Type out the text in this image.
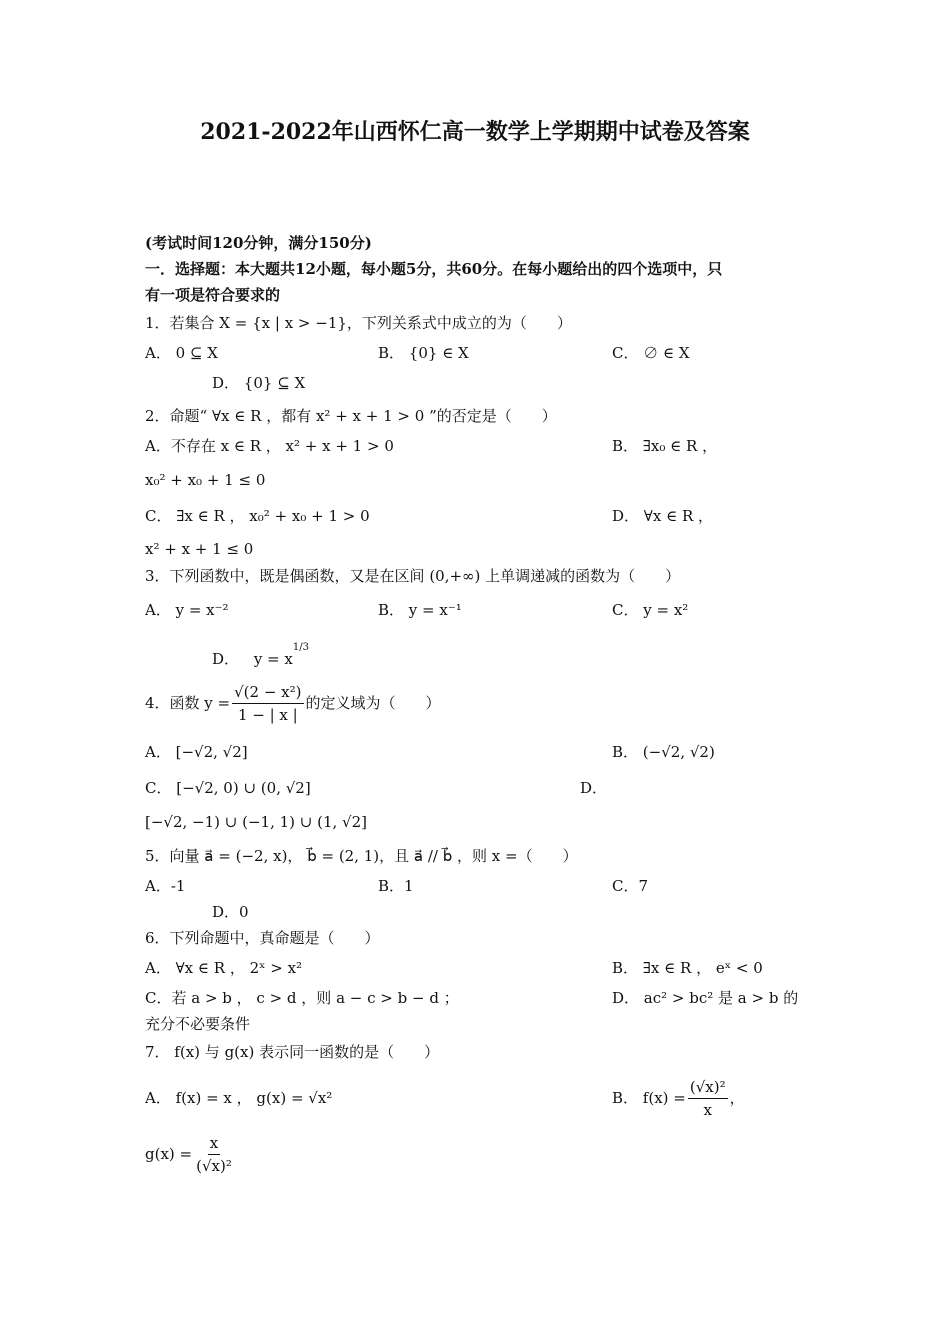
2021-2022年山西怀仁高一数学上学期期中试卷及答案
(考试时间120分钟，满分150分)
一．选择题：本大题共12小题，每小题5分，共60分。在每小题给出的四个选项中，只
有一项是符合要求的
1．若集合 X = {x | x > −1}，下列关系式中成立的为（　　）
A． 0 ⊆ X	B． {0} ∈ X	C． ∅ ∈ X
D． {0} ⊆ X
2．命题“ ∀x ∈ R ，都有 x² + x + 1 > 0 ”的否定是（　　）
A．不存在 x ∈ R ， x² + x + 1 > 0	B． ∃x₀ ∈ R ，
x₀² + x₀ + 1 ≤ 0
C． ∃x ∈ R ， x₀² + x₀ + 1 > 0	D． ∀x ∈ R ，
x² + x + 1 ≤ 0
3．下列函数中，既是偶函数，又是在区间 (0,+∞) 上单调递减的函数为（　　）
A． y = x⁻²	B． y = x⁻¹	C． y = x²
D． $y = x^{1/3}$
4．函数 $y = \frac{\text{√(2 − x²)}}{1 - | x |}$ 的定义域为（　　）
A． [−√2, √2]	B． (−√2, √2)
C． [−√2, 0) ∪ (0, √2]	D．
[−√2, −1) ∪ (−1, 1) ∪ (1, √2]
5．向量 a⃗ = (−2, x)， b⃗ = (2, 1)，且 a⃗ // b⃗ ，则 x =（　　）
A．-1	B．1	C．7
D．0
6．下列命题中，真命题是（　　）
A． ∀x ∈ R ， 2ˣ > x²	B． ∃x ∈ R ， eˣ < 0
C．若 a > b ， c > d ，则 a − c > b − d ；	D． ac² > bc² 是 a > b 的
充分不必要条件
7． f(x) 与 g(x) 表示同一函数的是（　　）
A． f(x) = x ， g(x) = √x²	B． $f(x) = \frac{\text{(√x)²}}{x}$ ，
$g(x) = \frac{x}{\text{(√x)²}}$
